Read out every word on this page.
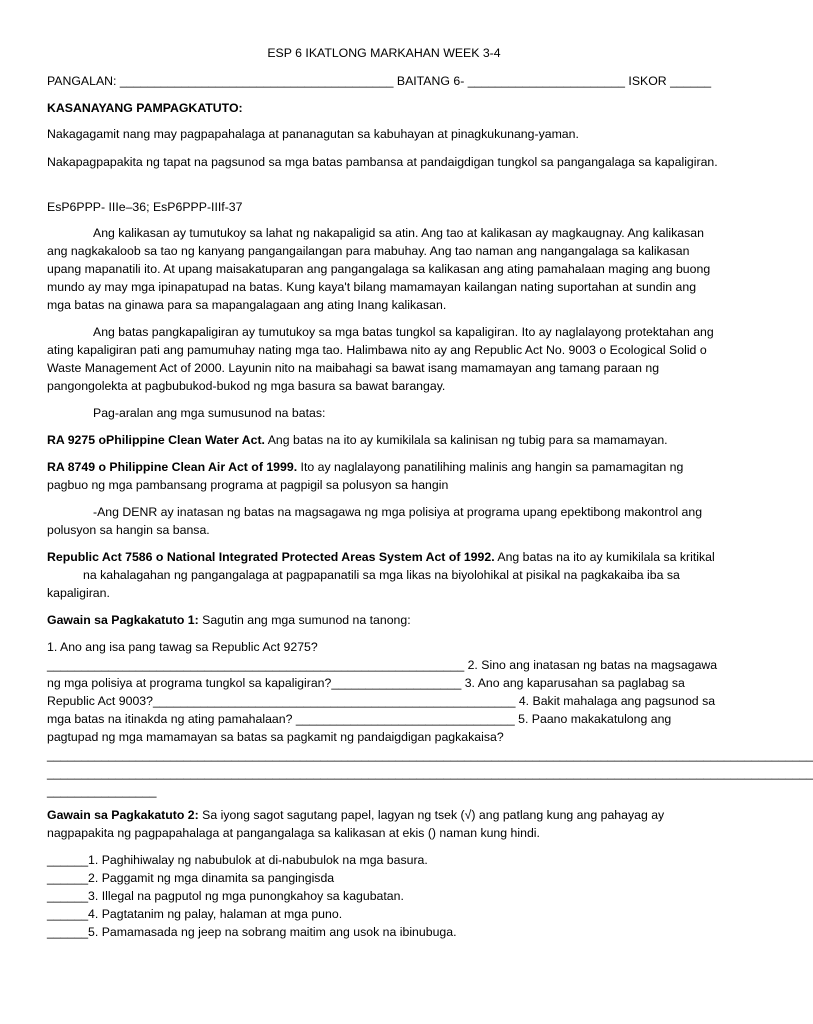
ESP 6 IKATLONG MARKAHAN WEEK 3-4

PANGALAN: ________________________________________ BAITANG 6- _______________________ ISKOR ______

KASANAYANG PAMPAGKATUTO:

Nakagagamit nang may pagpapahalaga at pananagutan sa kabuhayan at pinagkukunang-yaman.

Nakapagpapakita ng tapat na pagsunod sa mga batas pambansa at pandaigdigan tungkol sa pangangalaga sa kapaligiran.

EsP6PPP- IIIe–36; EsP6PPP-IIIf-37

Ang kalikasan ay tumutukoy sa lahat ng nakapaligid sa atin. Ang tao at kalikasan ay magkaugnay. Ang kalikasan ang nagkakaloob sa tao ng kanyang pangangailangan para mabuhay. Ang tao naman ang nangangalaga sa kalikasan upang mapanatili ito. At upang maisakatuparan ang pangangalaga sa kalikasan ang ating pamahalaan maging ang buong mundo ay may mga ipinapatupad na batas. Kung kaya't bilang mamamayan kailangan nating suportahan at sundin ang mga batas na ginawa para sa mapangalagaan ang ating Inang kalikasan.

Ang batas pangkapaligiran ay tumutukoy sa mga batas tungkol sa kapaligiran. Ito ay naglalayong protektahan ang ating kapaligiran pati ang pamumuhay nating mga tao. Halimbawa nito ay ang Republic Act No. 9003 o Ecological Solid o Waste Management Act of 2000. Layunin nito na maibahagi sa bawat isang mamamayan ang tamang paraan ng pangongolekta at pagbubukod-bukod ng mga basura sa bawat barangay.

Pag-aralan ang mga sumusunod na batas:

RA 9275 oPhilippine Clean Water Act. Ang batas na ito ay kumikilala sa kalinisan ng tubig para sa mamamayan.

RA 8749 o Philippine Clean Air Act of 1999. Ito ay naglalayong panatilihing malinis ang hangin sa pamamagitan ng pagbuo ng mga pambansang programa at pagpigil sa polusyon sa hangin

-Ang DENR ay inatasan ng batas na magsagawa ng mga polisiya at programa upang epektibong makontrol ang polusyon sa hangin sa bansa.

Republic Act 7586 o National Integrated Protected Areas System Act of 1992. Ang batas na ito ay kumikilala sa kritikalna kahalagahan ng pangangalaga at pagpapanatili sa mga likas na biyolohikal at pisikal na pagkakaiba iba sa kapaligiran.

Gawain sa Pagkakatuto 1: Sagutin ang mga sumunod na tanong:

1. Ano ang isa pang tawag sa Republic Act 9275?

_____________________________________________________________ 2. Sino ang inatasan ng batas na magsagawa ng mga polisiya at programa tungkol sa kapaligiran?___________________ 3. Ano ang kaparusahan sa paglabag sa Republic Act 9003?_____________________________________________________ 4. Bakit mahalaga ang pagsunod sa mga batas na itinakda ng ating pamahalaan? ________________________________ 5. Paano makakatulong ang pagtupad ng mga mamamayan sa batas sa pagkamit ng pandaigdigan pagkakaisa?

________________________________________________________________________________________________________________
________________________________________________________________________________________________________________
________________

Gawain sa Pagkakatuto 2: Sa iyong sagot sagutang papel, lagyan ng tsek (√) ang patlang kung ang pahayag ay nagpapakita ng pagpapahalaga at pangangalaga sa kalikasan at ekis () naman kung hindi.

______1. Paghihiwalay ng nabubulok at di-nabubulok na mga basura.

______2. Paggamit ng mga dinamita sa pangingisda

______3. Illegal na pagputol ng mga punongkahoy sa kagubatan.

______4. Pagtatanim ng palay, halaman at mga puno.

______5. Pamamasada ng jeep na sobrang maitim ang usok na ibinubuga.
